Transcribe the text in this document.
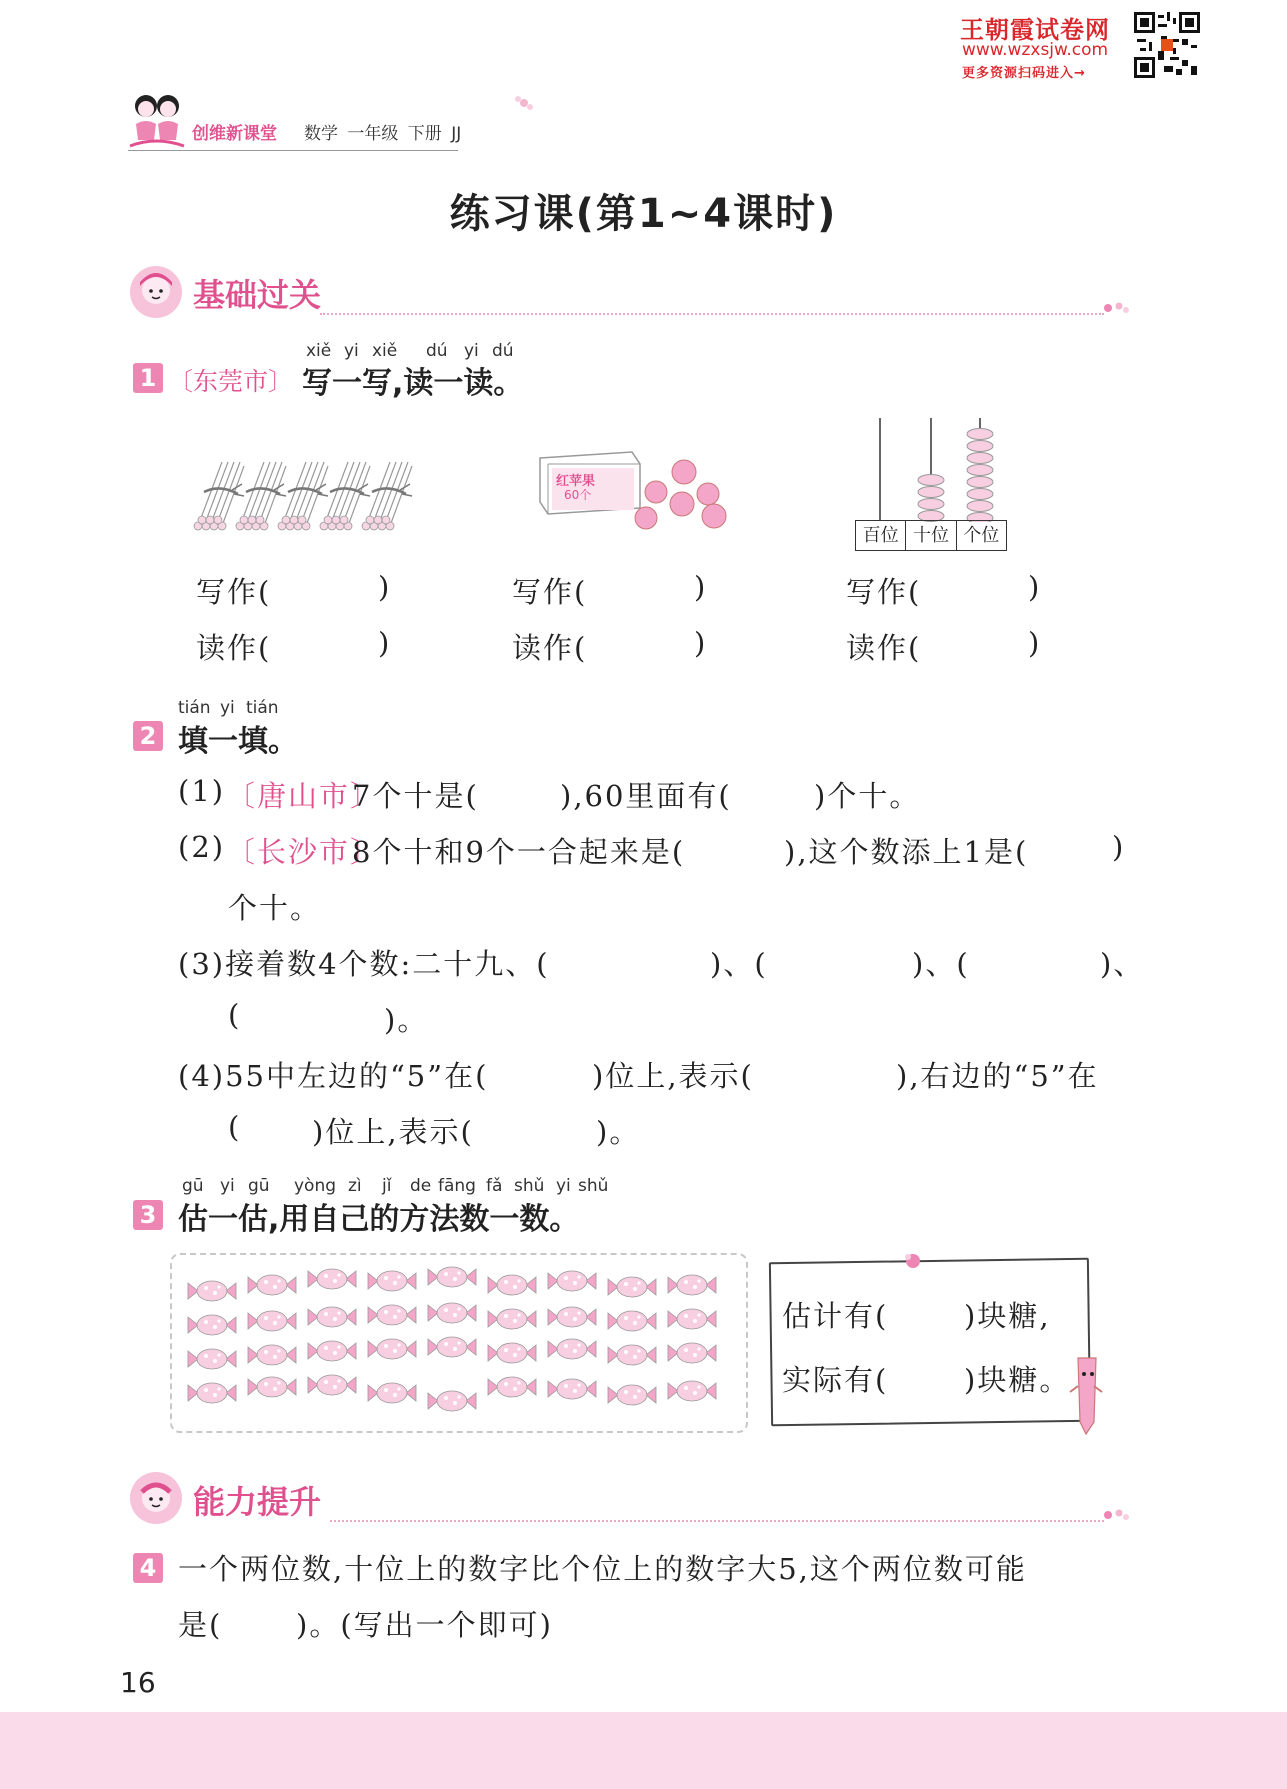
王朝霞试卷网
www.wzxsjw.com
更多资源扫码进入→
创维新课堂 数学 一年级 下册 JJ
练习课(第1~4课时)
基础过关
1 〔东莞市〕
xiě yi xiě dú yi dú
写一写,读一读。
红苹果
60个
百位 十位 个位
写作(	)	写作(	)	写作(	)
读作(	)	读作(	)	读作(	)
tián yi tián
2 填一填。
(1) 〔唐山市〕
7个十是(	),60里面有(	)个十。
(2) 〔长沙市〕
8个十和9个一合起来是(	),这个数添上1是(	)
个十。
(3)接着数4个数:二十九、(	)、(	)、(	)、
(	)。
(4)55中左边的“5”在(	)位上,表示(	),右边的“5”在
( )位上,表示(	)。
gū yi gū yòng zì jǐ de fāng fǎ shǔ yi shǔ
3 估一估,用自己的方法数一数。
估计有(	)块糖,
实际有(	)块糖。
能力提升
4 一个两位数,十位上的数字比个位上的数字大5,这个两位数可能
是(	)。(写出一个即可)
16
